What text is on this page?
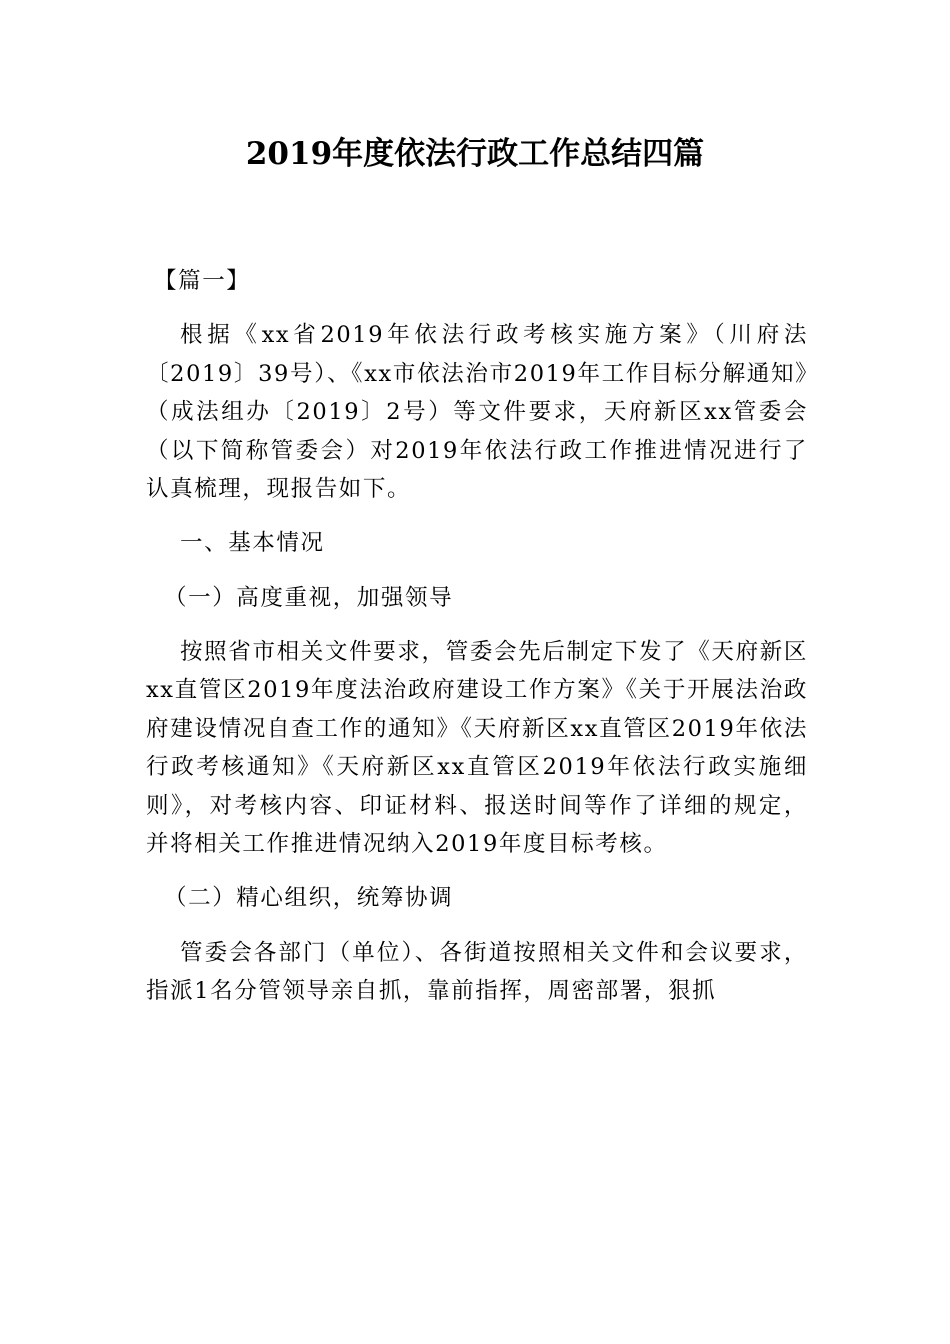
2019年度依法行政工作总结四篇

【篇一】

根据《xx省2019年依法行政考核实施方案》（川府法〔2019〕39号）、《xx市依法治市2019年工作目标分解通知》（成法组办〔2019〕2号）等文件要求，天府新区xx管委会（以下简称管委会）对2019年依法行政工作推进情况进行了认真梳理，现报告如下。

一、基本情况

（一）高度重视，加强领导

按照省市相关文件要求，管委会先后制定下发了《天府新区xx直管区2019年度法治政府建设工作方案》《关于开展法治政府建设情况自查工作的通知》《天府新区xx直管区2019年依法行政考核通知》《天府新区xx直管区2019年依法行政实施细则》，对考核内容、印证材料、报送时间等作了详细的规定，并将相关工作推进情况纳入2019年度目标考核。

（二）精心组织，统筹协调

管委会各部门（单位）、各街道按照相关文件和会议要求，指派1名分管领导亲自抓，靠前指挥，周密部署，狠抓
